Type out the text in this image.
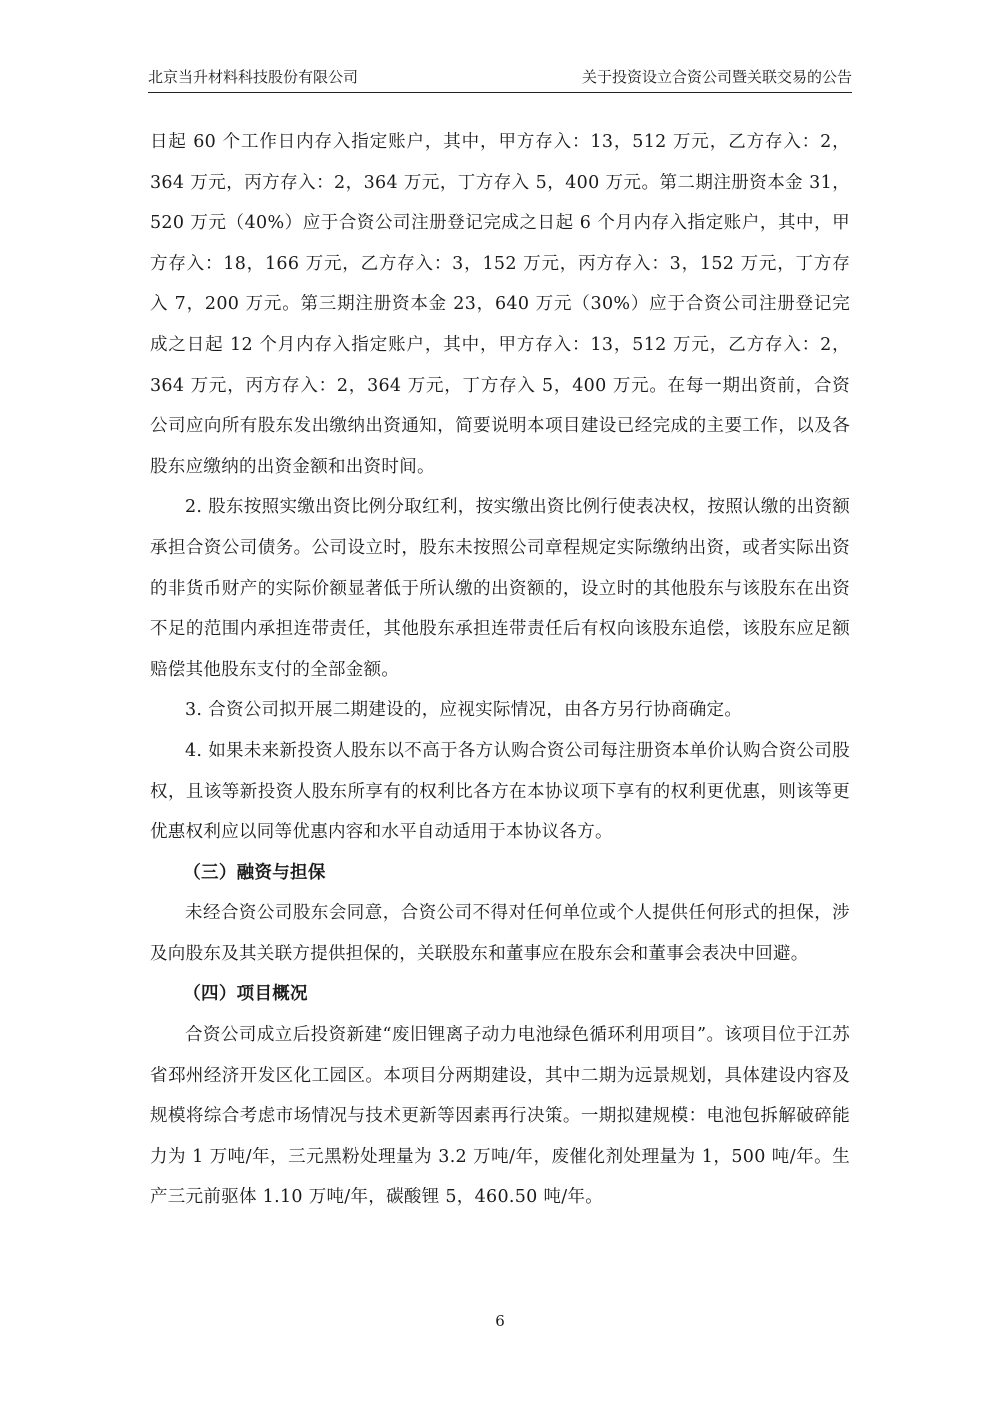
北京当升材料科技股份有限公司	关于投资设立合资公司暨关联交易的公告

日起 60 个工作日内存入指定账户，其中，甲方存入：13，512 万元，乙方存入：2，364 万元，丙方存入：2，364 万元，丁方存入 5，400 万元。第二期注册资本金 31，520 万元（40%）应于合资公司注册登记完成之日起 6 个月内存入指定账户，其中，甲方存入：18，166 万元，乙方存入：3，152 万元，丙方存入：3，152 万元，丁方存入 7，200 万元。第三期注册资本金 23，640 万元（30%）应于合资公司注册登记完成之日起 12 个月内存入指定账户，其中，甲方存入：13，512 万元，乙方存入：2，364 万元，丙方存入：2，364 万元，丁方存入 5，400 万元。在每一期出资前，合资公司应向所有股东发出缴纳出资通知，简要说明本项目建设已经完成的主要工作，以及各股东应缴纳的出资金额和出资时间。

2. 股东按照实缴出资比例分取红利，按实缴出资比例行使表决权，按照认缴的出资额承担合资公司债务。公司设立时，股东未按照公司章程规定实际缴纳出资，或者实际出资的非货币财产的实际价额显著低于所认缴的出资额的，设立时的其他股东与该股东在出资不足的范围内承担连带责任，其他股东承担连带责任后有权向该股东追偿，该股东应足额赔偿其他股东支付的全部金额。

3. 合资公司拟开展二期建设的，应视实际情况，由各方另行协商确定。

4. 如果未来新投资人股东以不高于各方认购合资公司每注册资本单价认购合资公司股权，且该等新投资人股东所享有的权利比各方在本协议项下享有的权利更优惠，则该等更优惠权利应以同等优惠内容和水平自动适用于本协议各方。

（三）融资与担保

未经合资公司股东会同意，合资公司不得对任何单位或个人提供任何形式的担保，涉及向股东及其关联方提供担保的，关联股东和董事应在股东会和董事会表决中回避。

（四）项目概况

合资公司成立后投资新建“废旧锂离子动力电池绿色循环利用项目”。该项目位于江苏省邳州经济开发区化工园区。本项目分两期建设，其中二期为远景规划，具体建设内容及规模将综合考虑市场情况与技术更新等因素再行决策。一期拟建规模：电池包拆解破碎能力为 1 万吨/年，三元黑粉处理量为 3.2 万吨/年，废催化剂处理量为 1，500 吨/年。生产三元前驱体 1.10 万吨/年，碳酸锂 5，460.50 吨/年。

6
